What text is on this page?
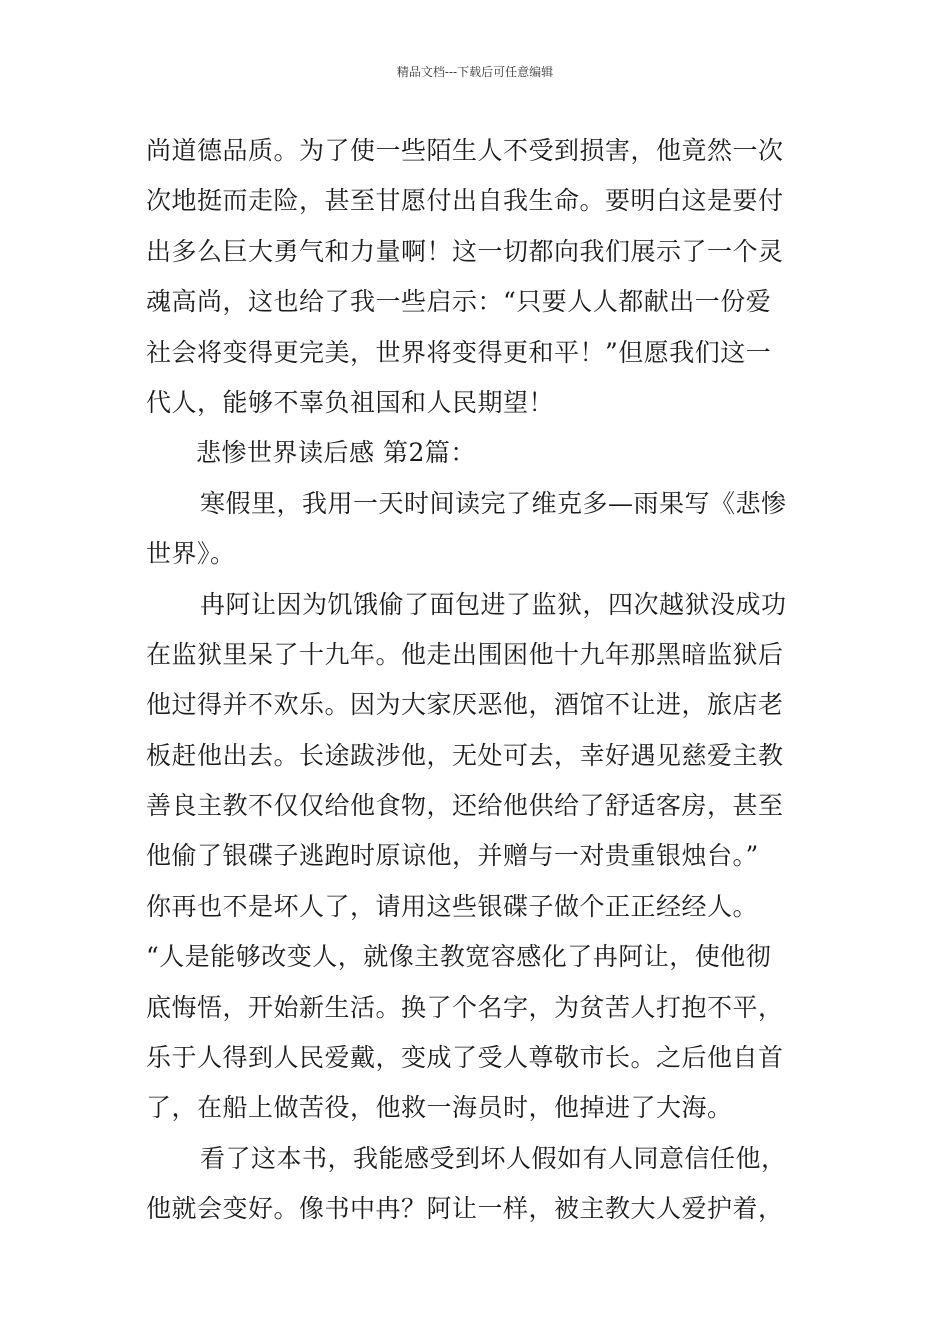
精品文档---下载后可任意编辑
尚道德品质。为了使一些陌生人不受到损害，他竟然一次
次地挺而走险，甚至甘愿付出自我生命。要明白这是要付
出多么巨大勇气和力量啊！这一切都向我们展示了一个灵
魂高尚，这也给了我一些启示：“只要人人都献出一份爱
社会将变得更完美，世界将变得更和平！”但愿我们这一
代人，能够不辜负祖国和人民期望！
悲惨世界读后感 第2篇：
寒假里，我用一天时间读完了维克多—雨果写《悲惨
世界》。
冉阿让因为饥饿偷了面包进了监狱，四次越狱没成功
在监狱里呆了十九年。他走出围困他十九年那黑暗监狱后
他过得并不欢乐。因为大家厌恶他，酒馆不让进，旅店老
板赶他出去。长途跋涉他，无处可去，幸好遇见慈爱主教
善良主教不仅仅给他食物，还给他供给了舒适客房，甚至
他偷了银碟子逃跑时原谅他，并赠与一对贵重银烛台。”
你再也不是坏人了，请用这些银碟子做个正正经经人。
“人是能够改变人，就像主教宽容感化了冉阿让，使他彻
底悔悟，开始新生活。换了个名字，为贫苦人打抱不平，
乐于人得到人民爱戴，变成了受人尊敬市长。之后他自首
了，在船上做苦役，他救一海员时，他掉进了大海。
看了这本书，我能感受到坏人假如有人同意信任他，
他就会变好。像书中冉？阿让一样，被主教大人爱护着，
